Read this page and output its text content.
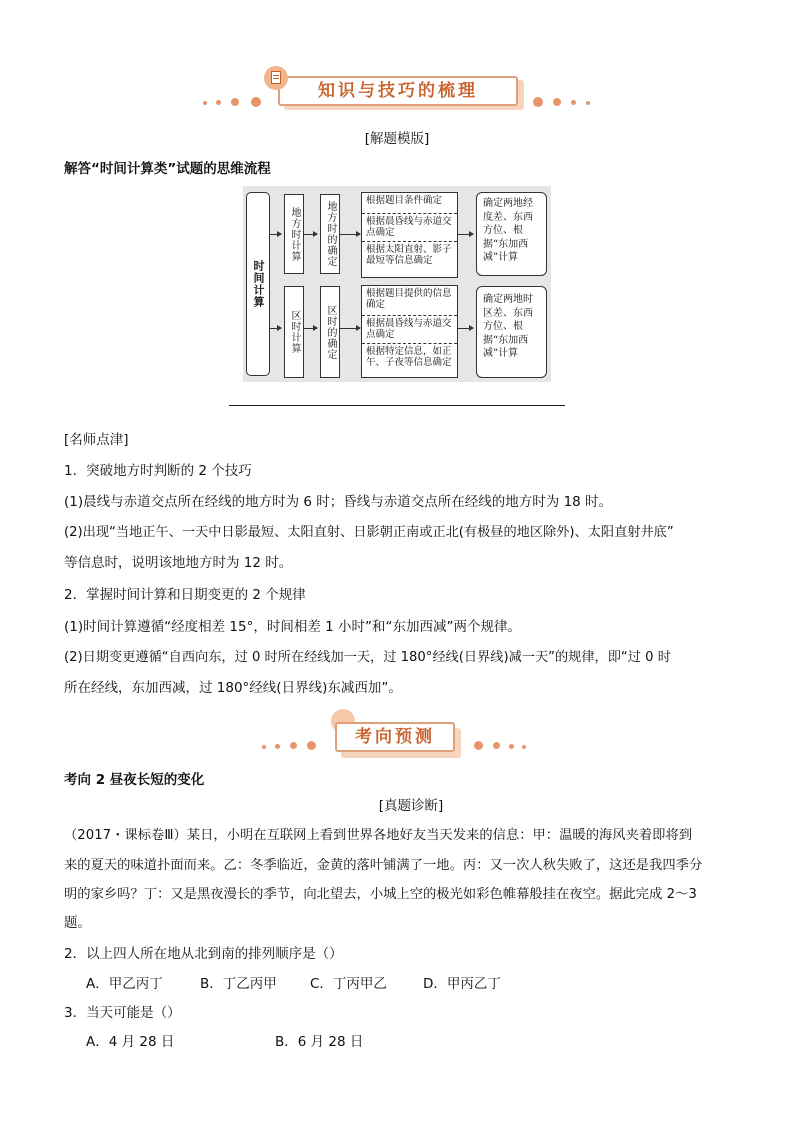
知识与技巧的梳理
[解题模版]
解答“时间计算类”试题的思维流程
时间计算
地方时计算	地方时的确定
根据题目条件确定
根据晨昏线与赤道交点确定
根据太阳直射、影子最短等信息确定
确定两地经度差、东西方位、根据“东加西减”计算
区时计算	区时的确定
根据题目提供的信息确定
根据晨昏线与赤道交点确定
根据特定信息，如正午、子夜等信息确定
确定两地时区差、东西方位、根据“东加西减”计算
[名师点津]
1．突破地方时判断的 2 个技巧
(1)晨线与赤道交点所在经线的地方时为 6 时；昏线与赤道交点所在经线的地方时为 18 时。
(2)出现“当地正午、一天中日影最短、太阳直射、日影朝正南或正北(有极昼的地区除外)、太阳直射井底”
等信息时，说明该地地方时为 12 时。
2．掌握时间计算和日期变更的 2 个规律
(1)时间计算遵循“经度相差 15°，时间相差 1 小时”和“东加西减”两个规律。
(2)日期变更遵循“自西向东，过 0 时所在经线加一天，过 180°经线(日界线)减一天”的规律，即“过 0 时
所在经线，东加西减，过 180°经线(日界线)东减西加”。
考向预测
考向 2 昼夜长短的变化
[真题诊断]
（2017・课标卷Ⅲ）某日，小明在互联网上看到世界各地好友当天发来的信息：甲：温暖的海风夹着即将到
来的夏天的味道扑面而来。乙：冬季临近，金黄的落叶铺满了一地。丙：又一次人秋失败了，这还是我四季分
明的家乡吗？丁：又是黑夜漫长的季节，向北望去，小城上空的极光如彩色帷幕般挂在夜空。据此完成 2～3
题。
2．以上四人所在地从北到南的排列顺序是（）
A．甲乙丙丁	B．丁乙丙甲 C．丁丙甲乙	D．甲丙乙丁
3．当天可能是（）
A．4 月 28 日	B．6 月 28 日
